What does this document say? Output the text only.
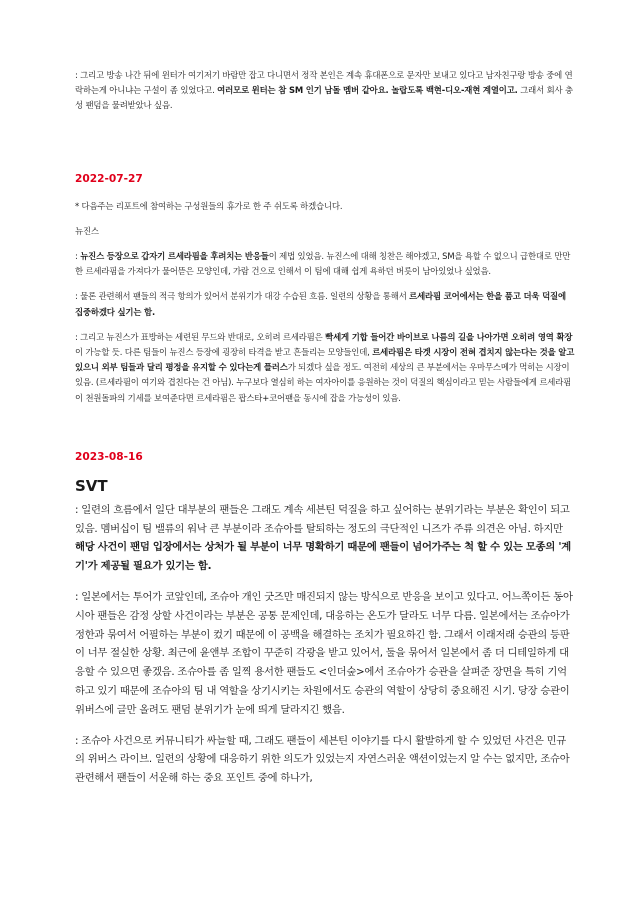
: 그리고 방송 나간 뒤에 윈터가 여기저기 바람만 잡고 다니면서 정작 본인은 계속 휴대폰으로 문자만 보내고 있다고 남자친구랑 방송 중에 연락하는게 아니냐는 구설이 좀 있었다고. 여러모로 윈터는 참 SM 인기 남돌 멤버 같아요. 놀랍도록 백현-디오-재현 계열이고. 그래서 회사 충성 팬덤을 물려받았나 싶음.

2022-07-27

* 다음주는 리포트에 참여하는 구성원들의 휴가로 한 주 쉬도록 하겠습니다.

뉴진스

: 뉴진스 등장으로 갑자기 르세라핌을 후려치는 반응들이 제법 있었음. 뉴진스에 대해 칭찬은 해야겠고, SM을 욕할 수 없으니 급한대로 만만한 르세라핌을 가져다가 물어뜯은 모양인데, 가람 건으로 인해서 이 팀에 대해 쉽게 욕하던 버릇이 남아있었나 싶었음.

: 물론 관련해서 팬들의 적극 항의가 있어서 분위기가 대강 수습된 흐름. 일련의 상황을 통해서 르세라핌 코어에서는 한을 품고 더욱 덕질에 집중하겠다 싶기는 함.

: 그리고 뉴진스가 표방하는 세련된 무드와 반대로, 오히려 르세라핌은 빡세게 기합 들어간 바이브로 나름의 길을 나아가면 오히려 영역 확장이 가능할 듯. 다른 팀들이 뉴진스 등장에 굉장히 타격을 받고 흔들리는 모양들인데, 르세라핌은 타겟 시장이 전혀 겹치지 않는다는 것을 알고 있으니 외부 팀들과 달리 평정을 유지할 수 있다는게 플러스가 되겠다 싶을 정도. 여전히 세상의 큰 부분에서는 우마무스메가 먹히는 시장이 있음. (르세라핌이 여기와 겹친다는 건 아님). 누구보다 열심히 하는 여자아이를 응원하는 것이 덕질의 핵심이라고 믿는 사람들에게 르세라핌이 천원돌파의 기세를 보여준다면 르세라핌은 팝스타+코어팬을 동시에 잡을 가능성이 있음.

2023-08-16

SVT

: 일련의 흐름에서 일단 대부분의 팬들은 그래도 계속 세븐틴 덕질을 하고 싶어하는 분위기라는 부분은 확인이 되고 있음. 멤버십이 팀 밸류의 워낙 큰 부분이라 조슈아를 탈퇴하는 정도의 극단적인 니즈가 주류 의견은 아님. 하지만 해당 사건이 팬덤 입장에서는 상처가 될 부분이 너무 명확하기 때문에 팬들이 넘어가주는 척 할 수 있는 모종의 '계기'가 제공될 필요가 있기는 함.

: 일본에서는 투어가 코앞인데, 조슈아 개인 굿즈만 매진되지 않는 방식으로 반응을 보이고 있다고. 어느쪽이든 동아시아 팬들은 감정 상할 사건이라는 부분은 공통 문제인데, 대응하는 온도가 달라도 너무 다름. 일본에서는 조슈아가 정한과 묶여서 어필하는 부분이 컸기 때문에 이 공백을 해결하는 조치가 필요하긴 함. 그래서 이래저래 승관의 등판이 너무 절실한 상황. 최근에 윤앤부 조합이 꾸준히 각광을 받고 있어서, 둘을 묶어서 일본에서 좀 더 디테일하게 대응할 수 있으면 좋겠음. 조슈아를 좀 일찍 용서한 팬들도 <인더숲>에서 조슈아가 승관을 살펴준 장면을 특히 기억하고 있기 때문에 조슈아의 팀 내 역할을 상기시키는 차원에서도 승관의 역할이 상당히 중요해진 시기. 당장 승관이 위버스에 글만 올려도 팬덤 분위기가 눈에 띄게 달라지긴 했음.

: 조슈아 사건으로 커뮤니티가 싸늘할 때, 그래도 팬들이 세븐틴 이야기를 다시 활발하게 할 수 있었던 사건은 민규의 위버스 라이브. 일련의 상황에 대응하기 위한 의도가 있었는지 자연스러운 액션이었는지 알 수는 없지만, 조슈아 관련해서 팬들이 서운해 하는 중요 포인트 중에 하나가,
